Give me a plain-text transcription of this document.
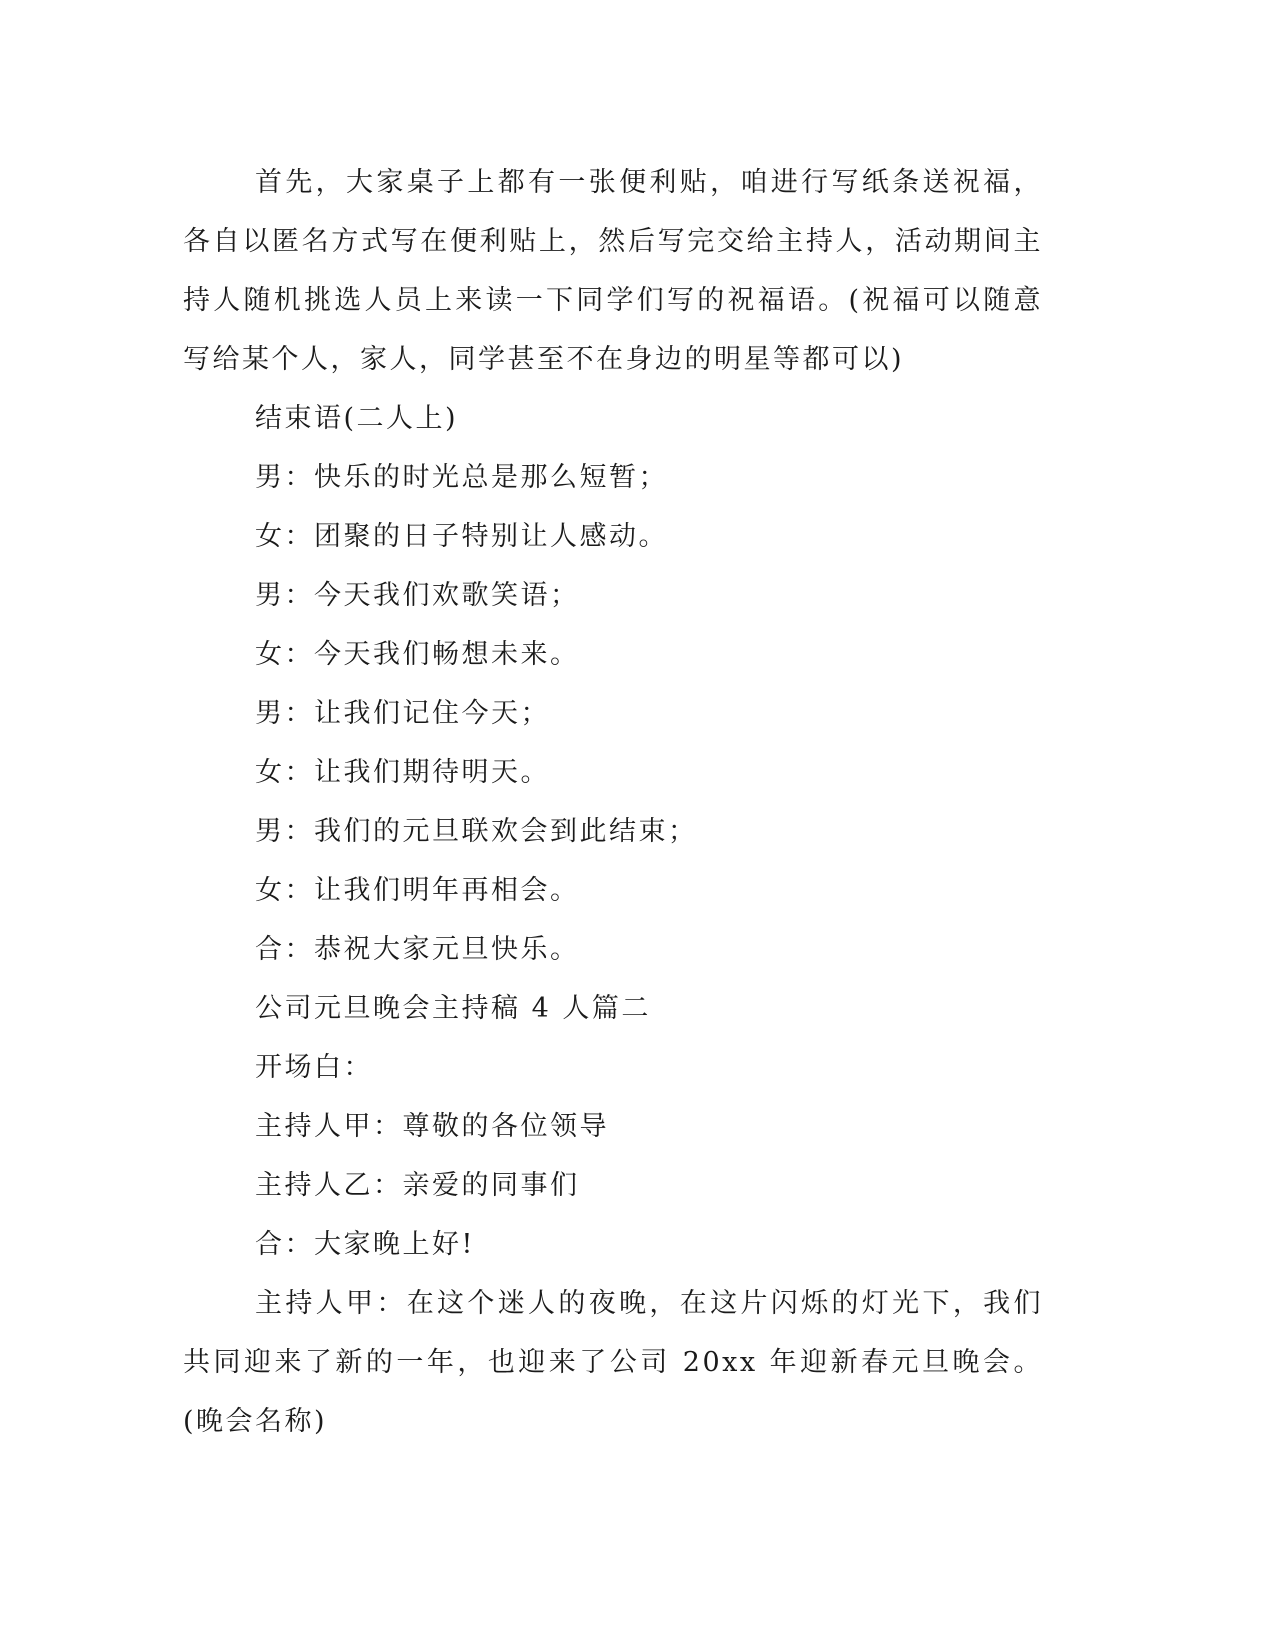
首先，大家桌子上都有一张便利贴，咱进行写纸条送祝福，各自以匿名方式写在便利贴上，然后写完交给主持人，活动期间主持人随机挑选人员上来读一下同学们写的祝福语。(祝福可以随意写给某个人，家人，同学甚至不在身边的明星等都可以)

结束语(二人上)

男：快乐的时光总是那么短暂；

女：团聚的日子特别让人感动。

男：今天我们欢歌笑语；

女：今天我们畅想未来。

男：让我们记住今天；

女：让我们期待明天。

男：我们的元旦联欢会到此结束；

女：让我们明年再相会。

合：恭祝大家元旦快乐。

公司元旦晚会主持稿 4 人篇二

开场白：

主持人甲：尊敬的各位领导

主持人乙：亲爱的同事们

合：大家晚上好!

主持人甲：在这个迷人的夜晚，在这片闪烁的灯光下，我们共同迎来了新的一年，也迎来了公司 20xx 年迎新春元旦晚会。(晚会名称)
